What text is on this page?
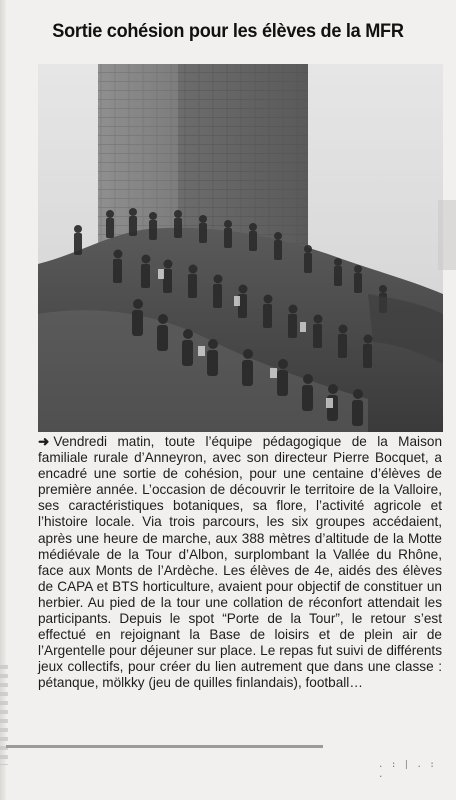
Sortie cohésion pour les élèves de la MFR

➜ Vendredi matin, toute l’équipe pédagogique de la Maison familiale rurale d’Anneyron, avec son directeur Pierre Bocquet, a encadré une sortie de cohésion, pour une centaine d’élèves de première année. L’occasion de découvrir le territoire de la Valloire, ses caractéristiques botaniques, sa flore, l’activité agricole et l’histoire locale. Via trois parcours, les six groupes accédaient, après une heure de marche, aux 388 mètres d’altitude de la Motte médiévale de la Tour d’Albon, surplombant la Vallée du Rhône, face aux Monts de l’Ardèche. Les élèves de 4e, aidés des élèves de CAPA et BTS horticulture, avaient pour objectif de constituer un herbier. Au pied de la tour une collation de réconfort attendait les participants. Depuis le spot “Porte de la Tour”, le retour s’est effectué en rejoignant la Base de loisirs et de plein air de l’Argentelle pour déjeuner sur place. Le repas fut suivi de différents jeux collectifs, pour créer du lien autrement que dans une classe : pétanque, mölkky (jeu de quilles finlandais), football…

. : | . : .
